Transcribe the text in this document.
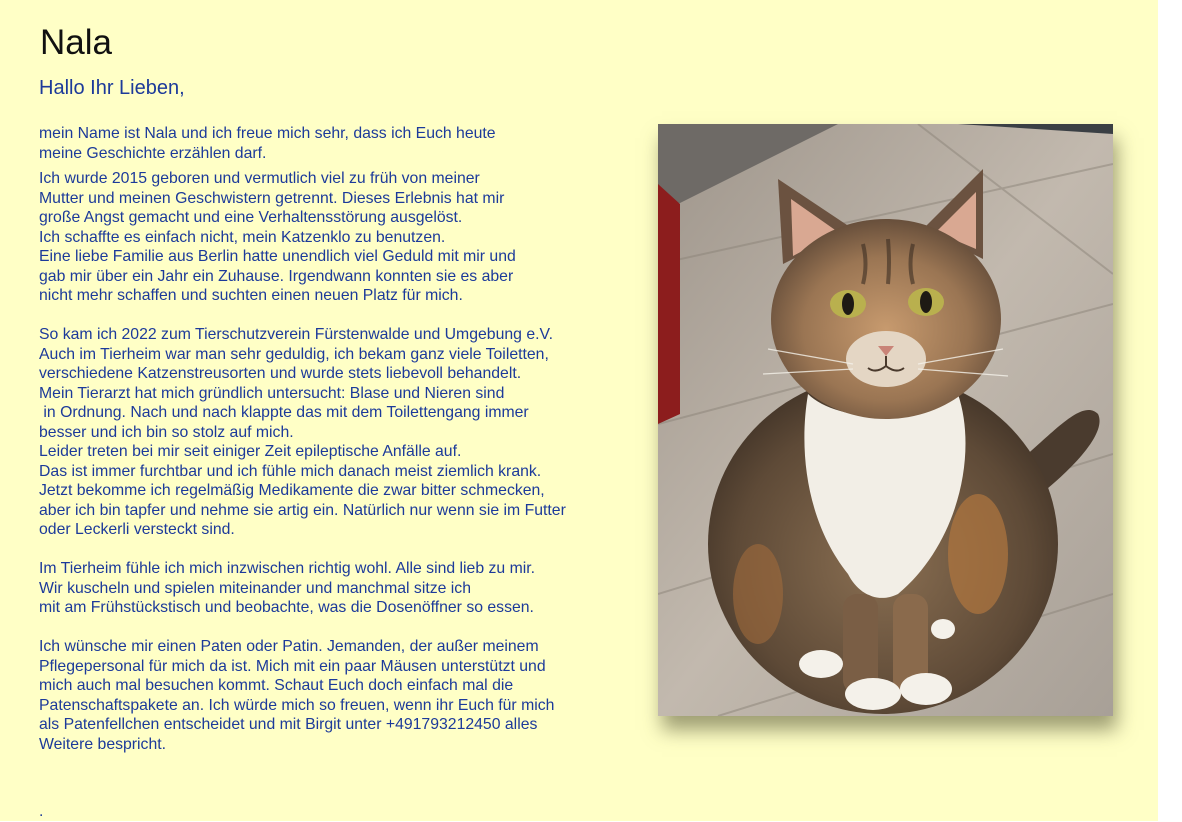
Nala
Hallo Ihr Lieben,

mein Name ist Nala und ich freue mich sehr, dass ich Euch heute

meine Geschichte erzählen darf.

Ich wurde 2015 geboren und vermutlich viel zu früh von meiner

Mutter und meinen Geschwistern getrennt. Dieses Erlebnis hat mir

große Angst gemacht und eine Verhaltensstörung ausgelöst.

Ich schaffte es einfach nicht, mein Katzenklo zu benutzen.

Eine liebe Familie aus Berlin hatte unendlich viel Geduld mit mir und

gab mir über ein Jahr ein Zuhause. Irgendwann konnten sie es aber

nicht mehr schaffen und suchten einen neuen Platz für mich.

So kam ich 2022 zum Tierschutzverein Fürstenwalde und Umgebung e.V.

Auch im Tierheim war man sehr geduldig, ich bekam ganz viele Toiletten,

verschiedene Katzenstreusorten und wurde stets liebevoll behandelt.

Mein Tierarzt hat mich gründlich untersucht: Blase und Nieren sind

in Ordnung. Nach und nach klappte das mit dem Toilettengang immer

besser und ich bin so stolz auf mich.

Leider treten bei mir seit einiger Zeit epileptische Anfälle auf.

Das ist immer furchtbar und ich fühle mich danach meist ziemlich krank.

Jetzt bekomme ich regelmäßig Medikamente die zwar bitter schmecken,

aber ich bin tapfer und nehme sie artig ein. Natürlich nur wenn sie im Futter

oder Leckerli versteckt sind.

Im Tierheim fühle ich mich inzwischen richtig wohl. Alle sind lieb zu mir.

Wir kuscheln und spielen miteinander und manchmal sitze ich

mit am Frühstückstisch und beobachte, was die Dosenöffner so essen.

Ich wünsche mir einen Paten oder Patin. Jemanden, der außer meinem

Pflegepersonal für mich da ist. Mich mit ein paar Mäusen unterstützt und

mich auch mal besuchen kommt. Schaut Euch doch einfach mal die

Patenschaftspakete an. Ich würde mich so freuen, wenn ihr Euch für mich

als Patenfellchen entscheidet und mit Birgit unter +491793212450 alles

Weitere bespricht.

.
